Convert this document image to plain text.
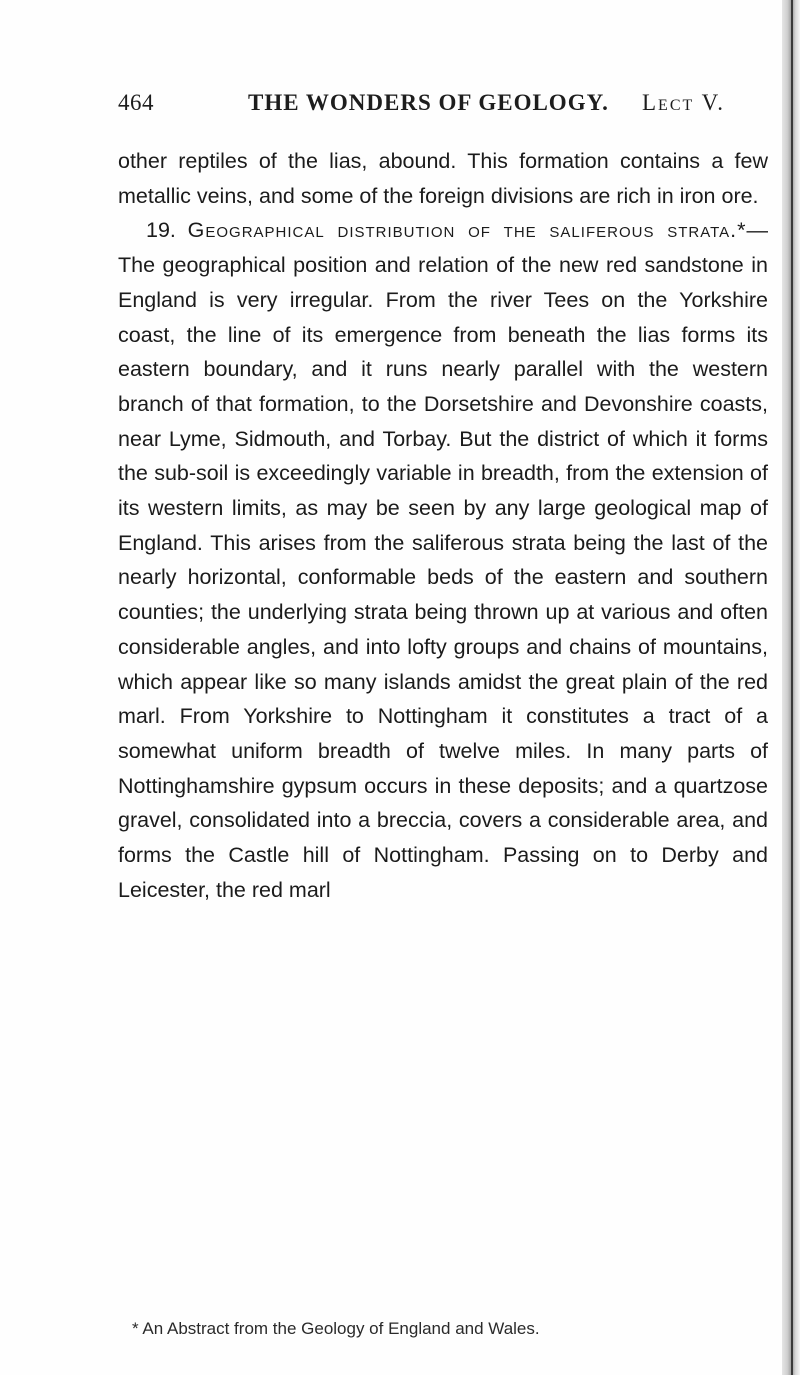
464	THE WONDERS OF GEOLOGY. Lect V.

other reptiles of the lias, abound. This formation contains a few metallic veins, and some of the foreign divisions are rich in iron ore.

19. Geographical distribution of the saliferous strata.*—The geographical position and relation of the new red sandstone in England is very irregular. From the river Tees on the Yorkshire coast, the line of its emergence from beneath the lias forms its eastern boundary, and it runs nearly parallel with the western branch of that formation, to the Dorsetshire and Devonshire coasts, near Lyme, Sidmouth, and Torbay. But the district of which it forms the sub-soil is exceedingly variable in breadth, from the extension of its western limits, as may be seen by any large geological map of England. This arises from the saliferous strata being the last of the nearly horizontal, conformable beds of the eastern and southern counties; the underlying strata being thrown up at various and often considerable angles, and into lofty groups and chains of mountains, which appear like so many islands amidst the great plain of the red marl. From Yorkshire to Nottingham it constitutes a tract of a somewhat uniform breadth of twelve miles. In many parts of Nottinghamshire gypsum occurs in these deposits; and a quartzose gravel, consolidated into a breccia, covers a considerable area, and forms the Castle hill of Nottingham. Passing on to Derby and Leicester, the red marl

* An Abstract from the Geology of England and Wales.
